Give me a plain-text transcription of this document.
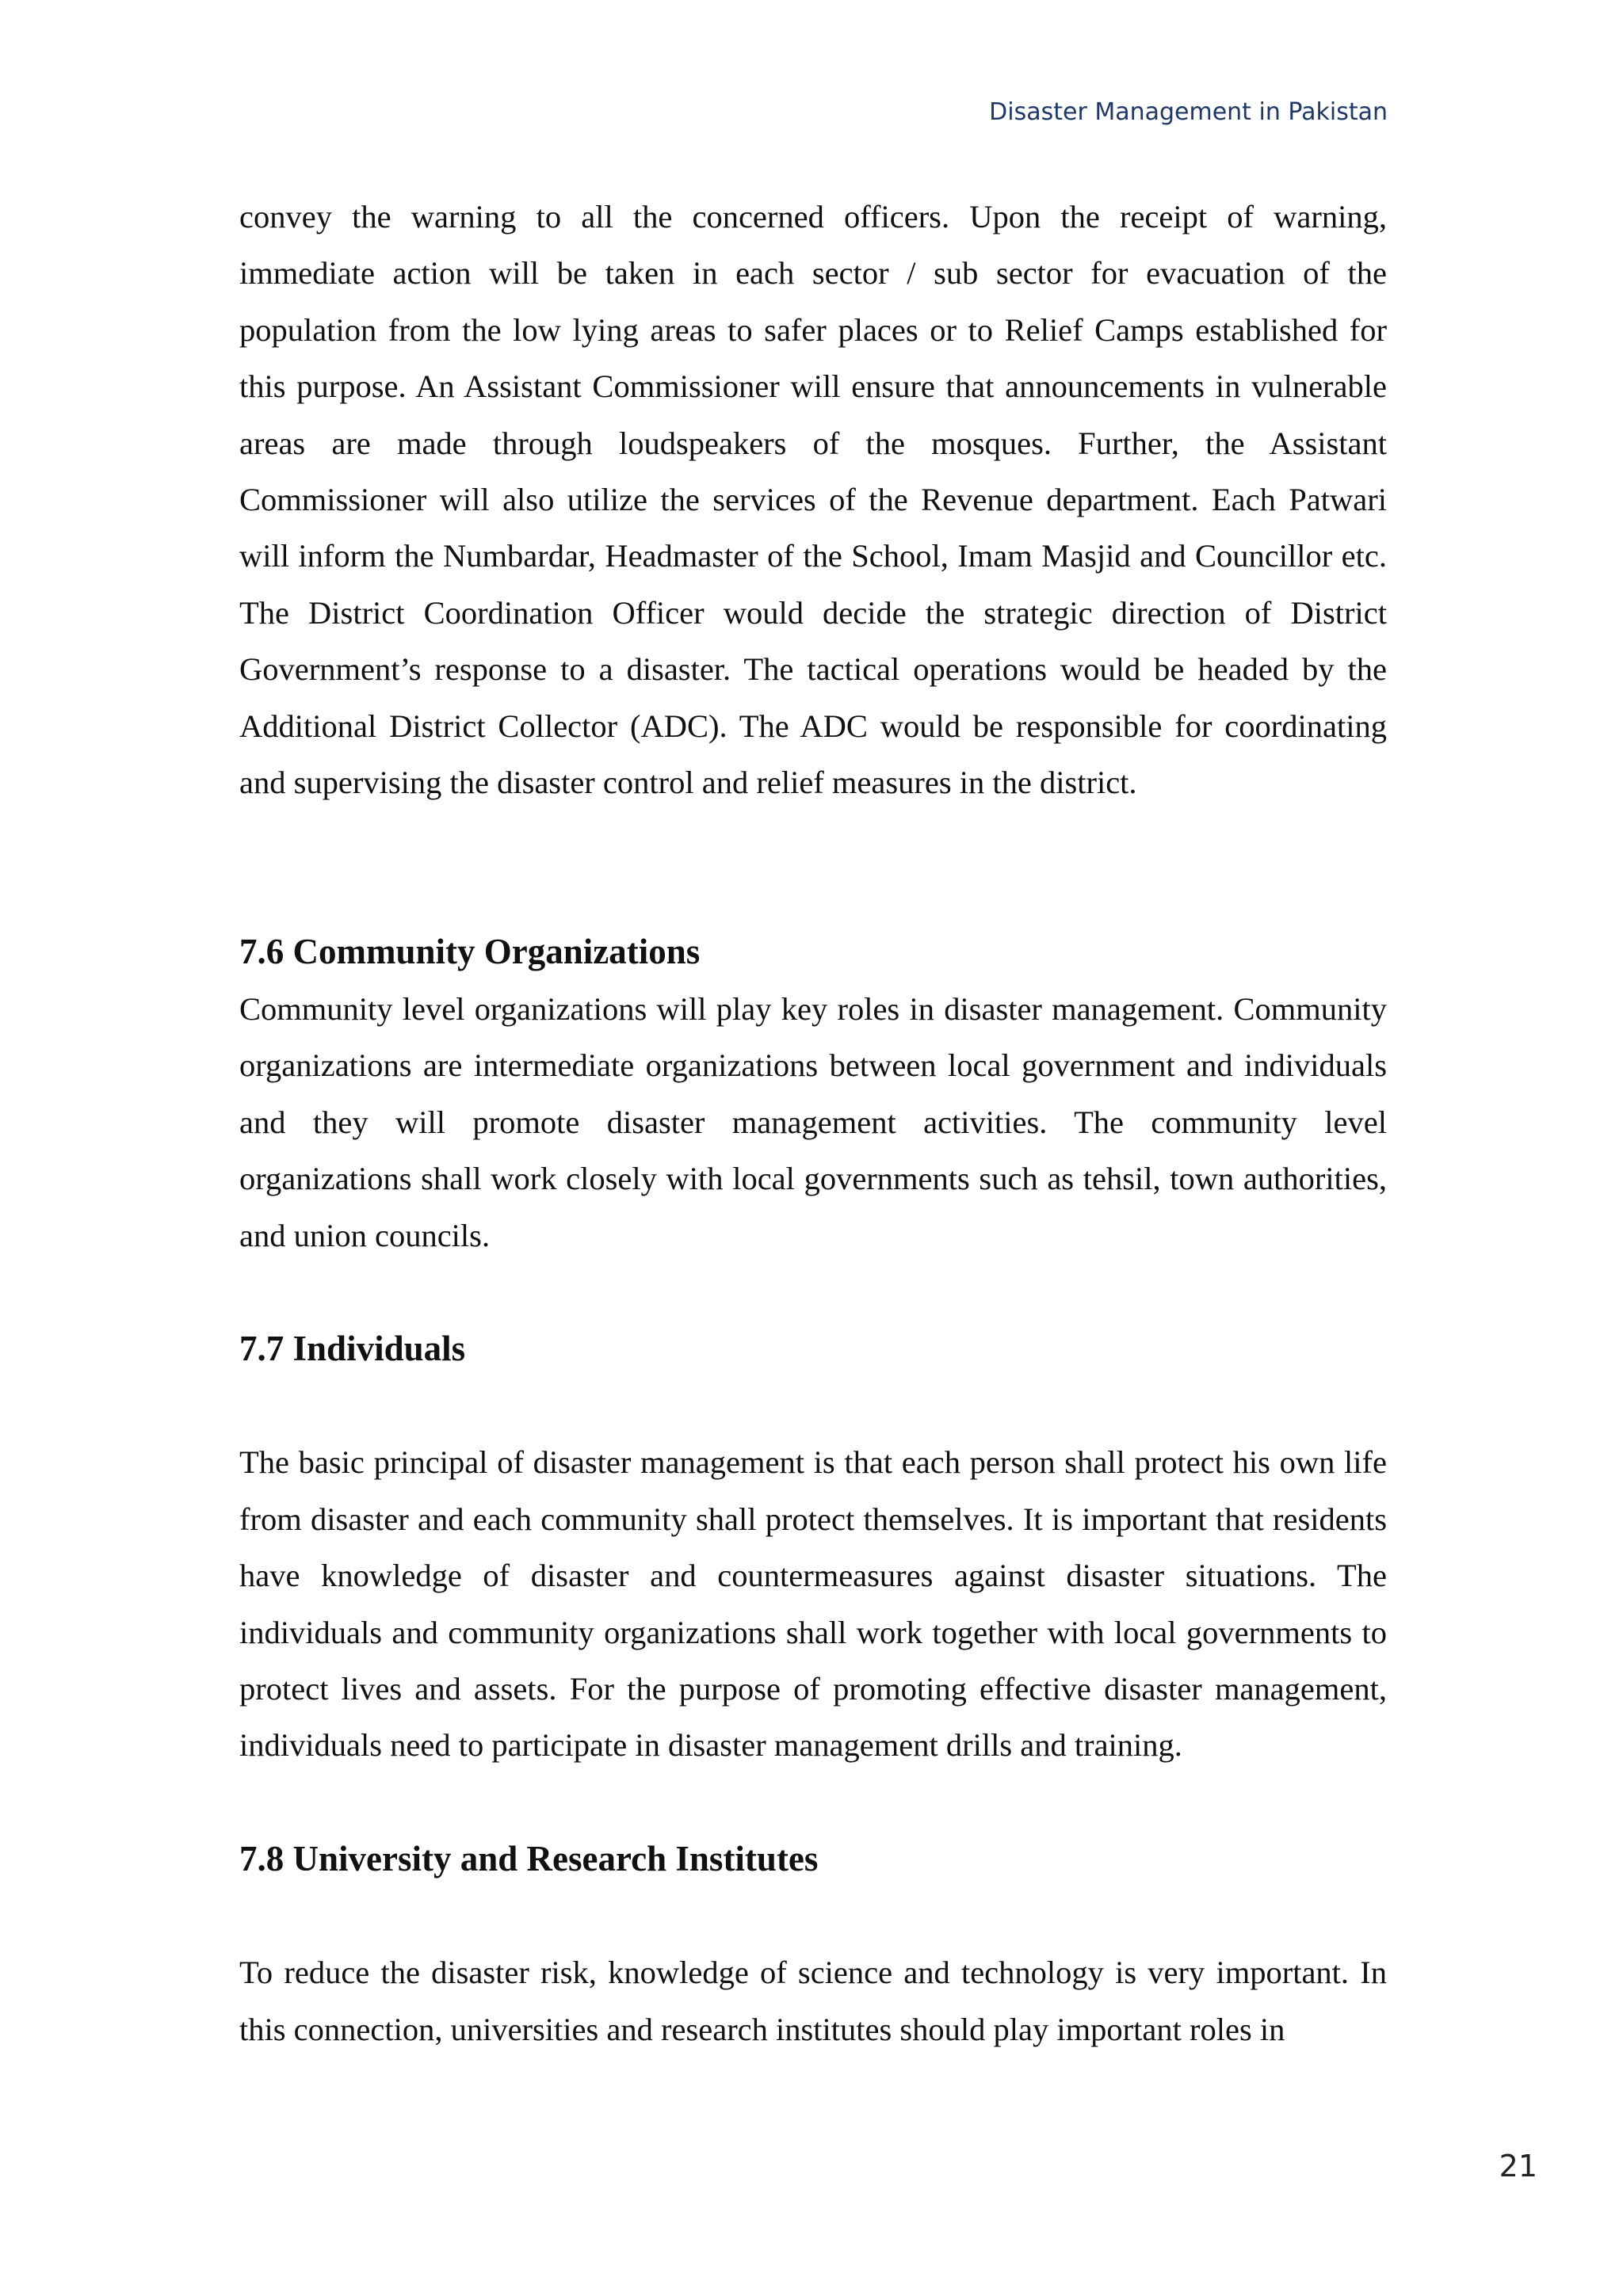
Disaster Management in Pakistan

convey the warning to all the concerned officers. Upon the receipt of warning, immediate action will be taken in each sector / sub sector for evacuation of the population from the low lying areas to safer places or to Relief Camps established for this purpose. An Assistant Commissioner will ensure that announcements in vulnerable areas are made through loudspeakers of the mosques. Further, the Assistant Commissioner will also utilize the services of the Revenue department. Each Patwari will inform the Numbardar, Headmaster of the School, Imam Masjid and Councillor etc. The District Coordination Officer would decide the strategic direction of District Government’s response to a disaster. The tactical operations would be headed by the Additional District Collector (ADC). The ADC would be responsible for coordinating and supervising the disaster control and relief measures in the district.

7.6 Community Organizations

Community level organizations will play key roles in disaster management. Community organizations are intermediate organizations between local government and individuals and they will promote disaster management activities. The community level organizations shall work closely with local governments such as tehsil, town authorities, and union councils.

7.7 Individuals

The basic principal of disaster management is that each person shall protect his own life from disaster and each community shall protect themselves. It is important that residents have knowledge of disaster and countermeasures against disaster situations. The individuals and community organizations shall work together with local governments to protect lives and assets. For the purpose of promoting effective disaster management, individuals need to participate in disaster management drills and training.

7.8 University and Research Institutes

To reduce the disaster risk, knowledge of science and technology is very important. In this connection, universities and research institutes should play important roles in

21
